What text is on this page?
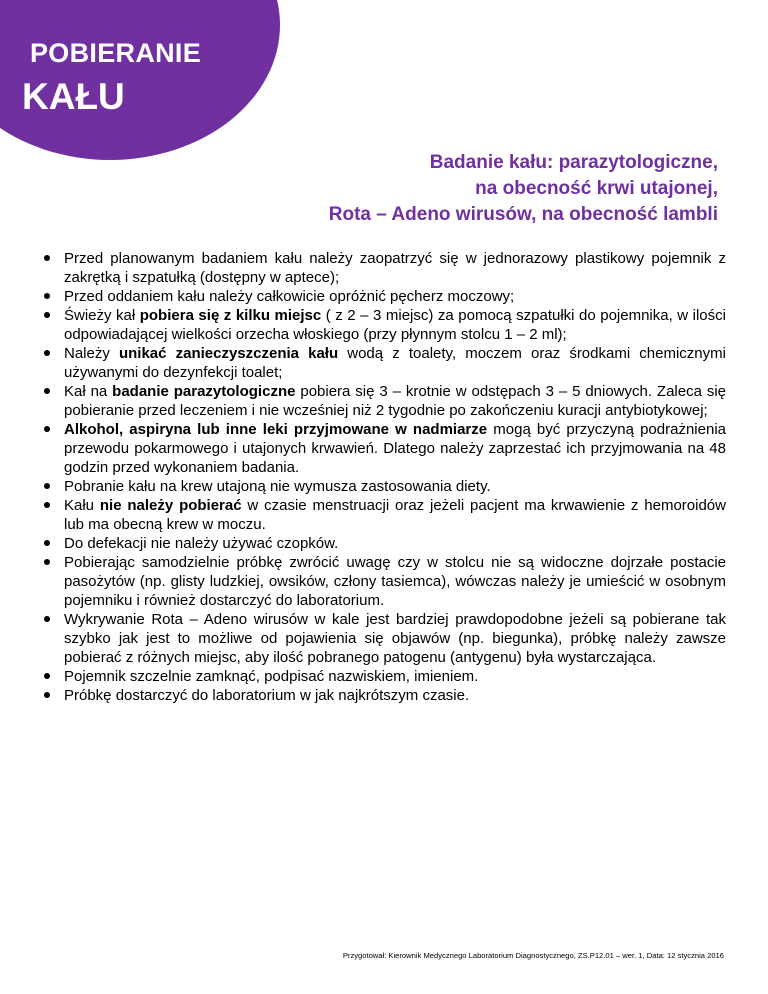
POBIERANIE
KAŁU
Badanie kału: parazytologiczne,
na obecność krwi utajonej,
Rota – Adeno wirusów, na obecność lambli
Przed planowanym badaniem kału należy zaopatrzyć się w jednorazowy plastikowy pojemnik z zakrętką i szpatułką (dostępny w aptece);
Przed oddaniem kału należy całkowicie opróżnić pęcherz moczowy;
Świeży kał pobiera się z kilku miejsc ( z 2 – 3 miejsc) za pomocą szpatułki do pojemnika, w ilości odpowiadającej wielkości orzecha włoskiego (przy płynnym stolcu 1 – 2 ml);
Należy unikać zanieczyszczenia kału wodą z toalety, moczem oraz środkami chemicznymi używanymi do dezynfekcji toalet;
Kał na badanie parazytologiczne pobiera się 3 – krotnie w odstępach 3 – 5 dniowych. Zaleca się pobieranie przed leczeniem i nie wcześniej niż 2 tygodnie po zakończeniu kuracji antybiotykowej;
Alkohol, aspiryna lub inne leki przyjmowane w nadmiarze mogą być przyczyną podrażnienia przewodu pokarmowego i utajonych krwawień. Dlatego należy zaprzestać ich przyjmowania na 48 godzin przed wykonaniem badania.
Pobranie kału na krew utajoną nie wymusza zastosowania diety.
Kału nie należy pobierać w czasie menstruacji oraz jeżeli pacjent ma krwawienie z hemoroidów lub ma obecną krew w moczu.
Do defekacji nie należy używać czopków.
Pobierając samodzielnie próbkę zwrócić uwagę czy w stolcu nie są widoczne dojrzałe postacie pasożytów (np. glisty ludzkiej, owsików, człony tasiemca), wówczas należy je umieścić w osobnym pojemniku i również dostarczyć do laboratorium.
Wykrywanie Rota – Adeno wirusów w kale jest bardziej prawdopodobne jeżeli są pobierane tak szybko jak jest to możliwe od pojawienia się objawów (np. biegunka), próbkę należy zawsze pobierać z różnych miejsc, aby ilość pobranego patogenu (antygenu) była wystarczająca.
Pojemnik szczelnie zamknąć, podpisać nazwiskiem, imieniem.
Próbkę dostarczyć do laboratorium w jak najkrótszym czasie.
Przygotował: Kierownik Medycznego Laboratorium Diagnostycznego, ZS.P12.01 – wer. 1, Data: 12 stycznia 2016
